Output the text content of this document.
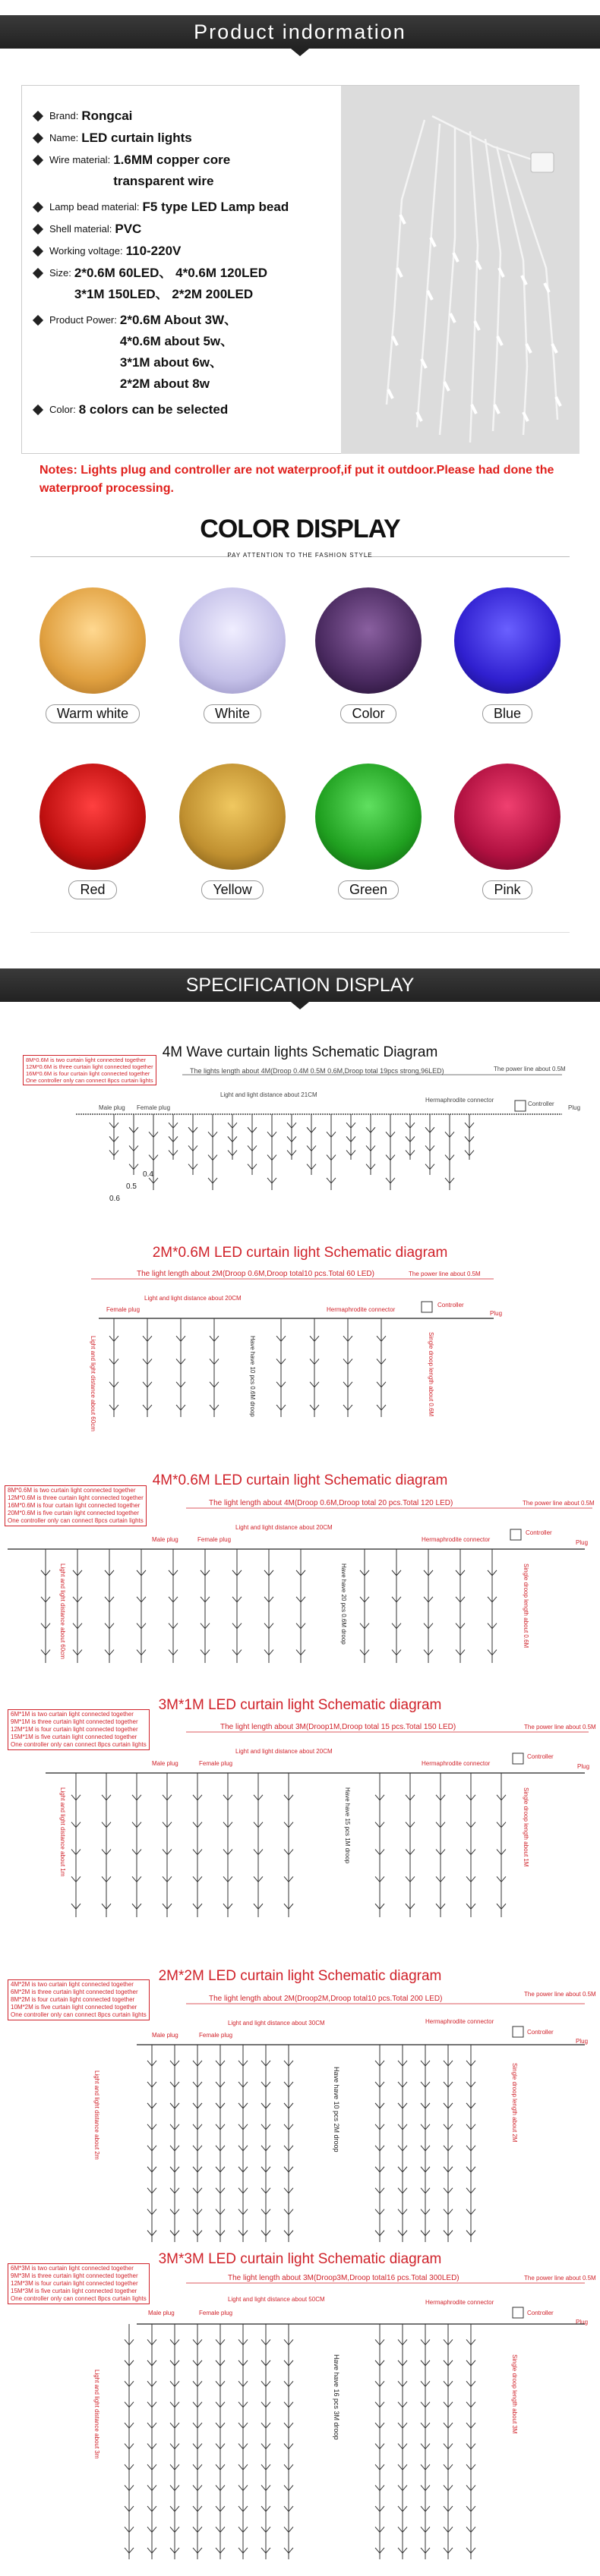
Product indormation
Brand: Rongcai
Name: LED curtain lights
Wire material: 1.6MM copper core
transparent wire
Lamp bead material: F5 type LED Lamp bead
Shell material: PVC
Working voltage: 110-220V
Size: 2*0.6M 60LED、 4*0.6M 120LED
3*1M 150LED、 2*2M 200LED
Product Power: 2*0.6M About 3W、
4*0.6M about 5w、
3*1M about 6w、
2*2M about 8w
Color: 8 colors can be selected
Notes: Lights plug and controller are not waterproof,if put it outdoor.Please had done the waterproof processing.
COLOR DISPLAY
PAY ATTENTION TO THE FASHION STYLE
Warm white	White	Color	Blue
Red	Yellow	Green	Pink
SPECIFICATION DISPLAY
4M Wave curtain lights Schematic Diagram
8M*0.6M is two curtain light connected together
12M*0.6M is three curtain light connected together
16M*0.6M is four curtain light connected together
One controller only can connect 8pcs curtain lights
The lights length about 4M(Droop 0.4M 0.5M 0.6M,Droop total 19pcs strong,96LED)	The power line about 0.5M
Light and light distance about 21CM
Hermaphrodite connector
Male plug Female plug
Controller
Plug
0.4
0.5
0.6
2M*0.6M LED curtain light Schematic diagram
The light length about 2M(Droop 0.6M,Droop total10 pcs.Total 60 LED)	The power line about 0.5M
Light and light distance about 20CM
Female plug	Hermaphrodite connector
Controller
Plug
Have have 10 pcs 0.6M droop	Single droop length about 0.6M
Light and light distance about 60cm
4M*0.6M LED curtain light Schematic diagram
8M*0.6M is two curtain light connected together
12M*0.6M is three curtain light connected together
16M*0.6M is four curtain light connected together
20M*0.6M is five curtain light connected together
One controller only can connect 8pcs curtain lights
The light length about 4M(Droop 0.6M,Droop total 20 pcs.Total 120 LED)	The power line about 0.5M
Light and light distance about 20CM
Male plug	Female plug	Hermaphrodite connector
Controller
Plug
Have have 20 pcs 0.6M droop	Single droop length about 0.6M
Light and light distance about 60cm
3M*1M LED curtain light Schematic diagram
6M*1M is two curtain light connected together
9M*1M is three curtain light connected together
12M*1M is four curtain light connected together
15M*1M is five curtain light connected together
One controller only can connect 8pcs curtain lights
The light length about 3M(Droop1M,Droop total 15 pcs.Total 150 LED)	The power line about 0.5M
Light and light distance about 20CM
Male plug	Female plug	Hermaphrodite connector
Controller
Plug
Have have 15 pcs 1M droop	Single droop length about 1M
Light and light distance about 1m
2M*2M LED curtain light Schematic diagram
4M*2M is two curtain light connected together
6M*2M is three curtain light connected together
8M*2M is four curtain light connected together
10M*2M is five curtain light connected together
One controller only can connect 8pcs curtain lights
The light length about 2M(Droop2M,Droop total10 pcs.Total 200 LED)
The power line about 0.5M
Light and light distance about 30CM
Male plug	Female plug
Hermaphrodite connector
Controller
Plug
Have have 10 pcs 2M droop	Single droop length about 2M
Light and light distance about 2m
3M*3M LED curtain light Schematic diagram
6M*3M is two curtain light connected together
9M*3M is three curtain light connected together
12M*3M is four curtain light connected together
15M*3M is five curtain light connected together
One controller only can connect 8pcs curtain lights
The light length about 3M(Droop3M,Droop total16 pcs.Total 300LED)	The power line about 0.5M
Light and light distance about 50CM
Male plug	Female plug
Hermaphrodite connector
Controller
Plug
Have have 16 pcs 3M droop	Single droop length about 3M
Light and light distance about 3m
